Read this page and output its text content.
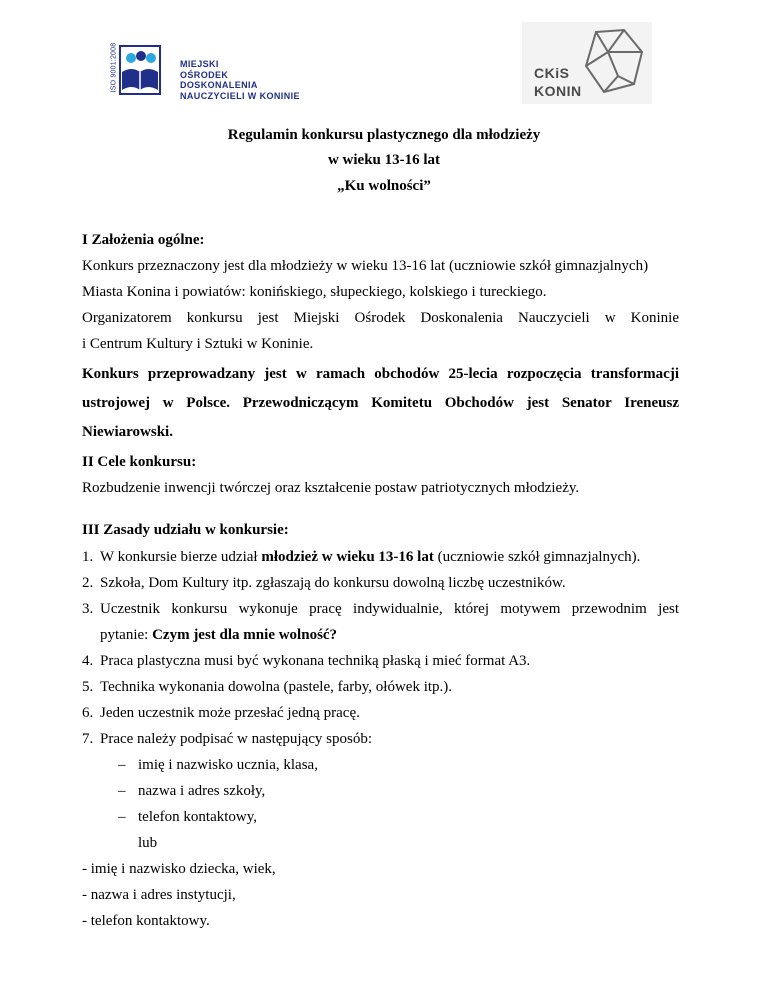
ISO 9001:2008	MIEJSKI
OŚRODEK
DOSKONALENIA
NAUCZYCIELI W KONINIE
CKiS
KONIN
Regulamin konkursu plastycznego dla młodzieży
w wieku 13-16 lat
„Ku wolności”
I Założenia ogólne:
Konkurs przeznaczony jest dla młodzieży w wieku 13-16 lat (uczniowie szkół gimnazjalnych)
Miasta Konina i powiatów: konińskiego, słupeckiego, kolskiego i tureckiego.
Organizatorem konkursu jest Miejski Ośrodek Doskonalenia Nauczycieli w Koninie
i Centrum Kultury i Sztuki w Koninie.
Konkurs przeprowadzany jest w ramach obchodów 25-lecia rozpoczęcia transformacji
ustrojowej w Polsce. Przewodniczącym Komitetu Obchodów jest Senator Ireneusz
Niewiarowski.
II Cele konkursu:
Rozbudzenie inwencji twórczej oraz kształcenie postaw patriotycznych młodzieży.
III Zasady udziału w konkursie:
1. W konkursie bierze udział młodzież w wieku 13-16 lat (uczniowie szkół gimnazjalnych).
2. Szkoła, Dom Kultury itp. zgłaszają do konkursu dowolną liczbę uczestników.
3. Uczestnik konkursu wykonuje pracę indywidualnie, której motywem przewodnim jest
pytanie: Czym jest dla mnie wolność?
4. Praca plastyczna musi być wykonana techniką płaską i mieć format A3.
5. Technika wykonania dowolna (pastele, farby, ołówek itp.).
6. Jeden uczestnik może przesłać jedną pracę.
7. Prace należy podpisać w następujący sposób:
– imię i nazwisko ucznia, klasa,
– nazwa i adres szkoły,
– telefon kontaktowy,
lub
- imię i nazwisko dziecka, wiek,
- nazwa i adres instytucji,
- telefon kontaktowy.
